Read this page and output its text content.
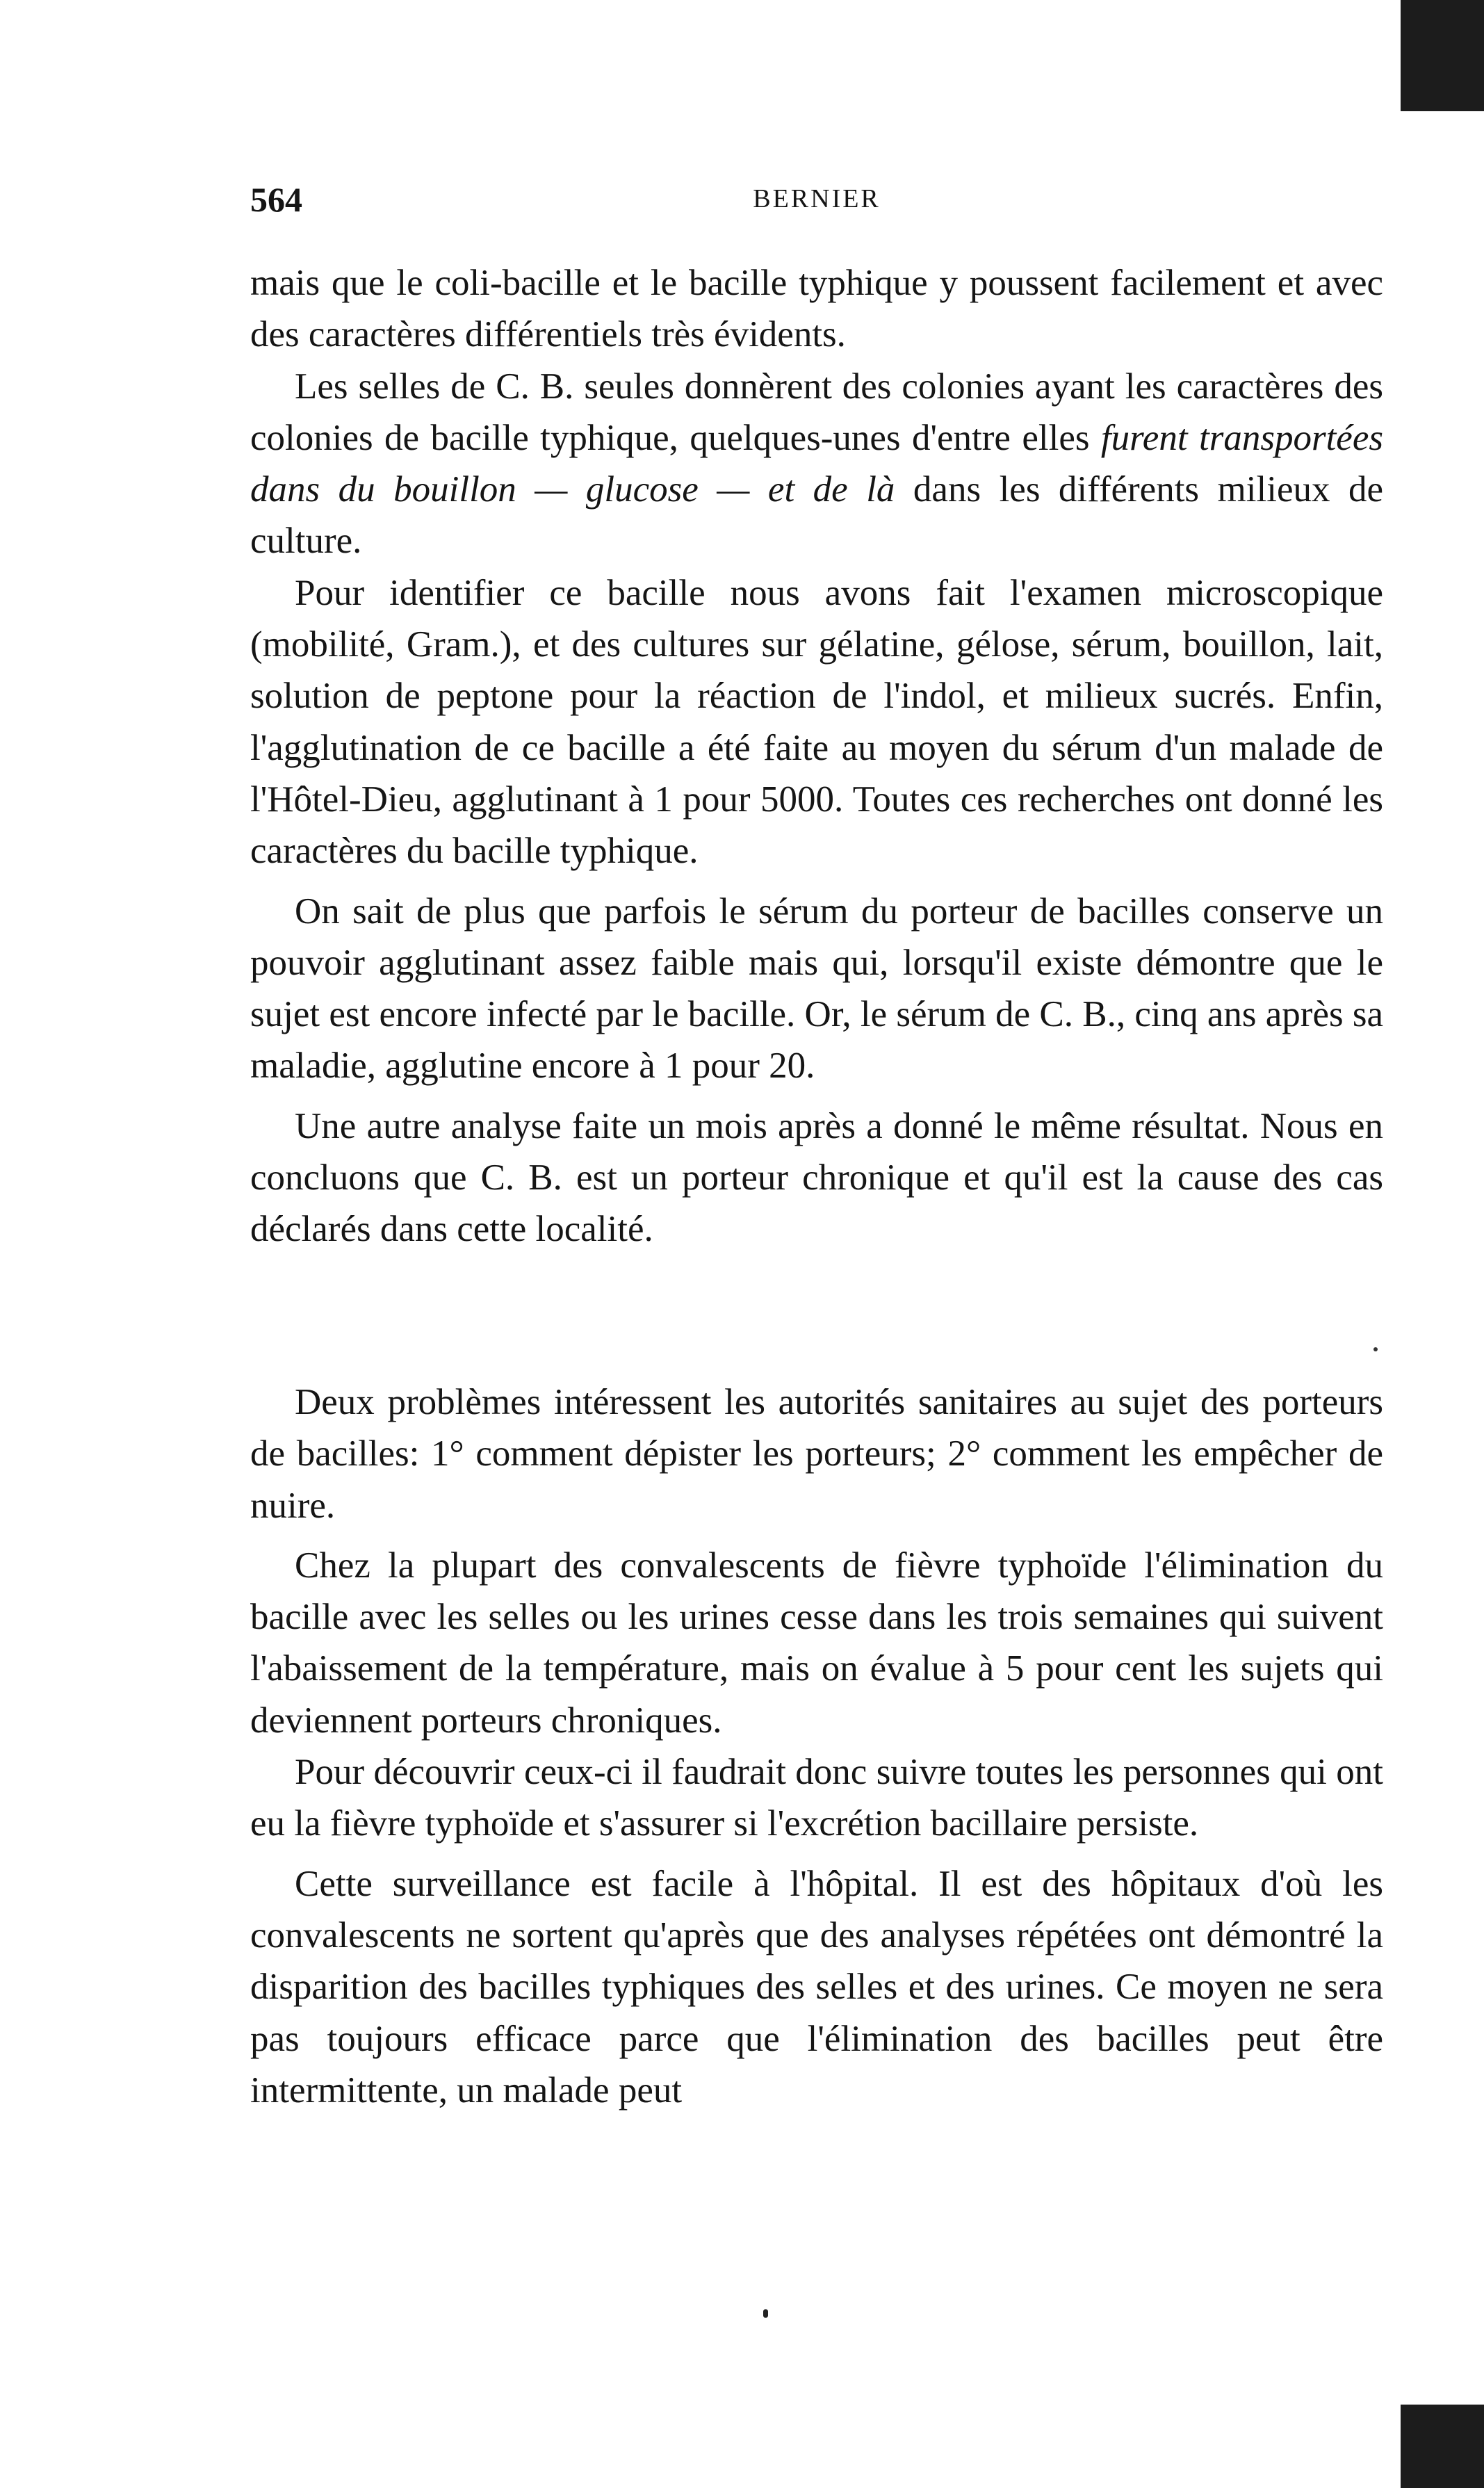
564	BERNIER

mais que le coli-bacille et le bacille typhique y poussent facilement et avec des caractères différentiels très évidents.

Les selles de C. B. seules donnèrent des colonies ayant les caractères des colonies de bacille typhique, quelques-unes d'entre elles furent transportées dans du bouillon — glucose — et de là dans les différents milieux de culture.

Pour identifier ce bacille nous avons fait l'examen microscopique (mobilité, Gram.), et des cultures sur gélatine, gélose, sérum, bouillon, lait, solution de peptone pour la réaction de l'indol, et milieux sucrés. Enfin, l'agglutination de ce bacille a été faite au moyen du sérum d'un malade de l'Hôtel-Dieu, agglutinant à 1 pour 5000. Toutes ces recherches ont donné les caractères du bacille typhique.

On sait de plus que parfois le sérum du porteur de bacilles conserve un pouvoir agglutinant assez faible mais qui, lorsqu'il existe démontre que le sujet est encore infecté par le bacille. Or, le sérum de C. B., cinq ans après sa maladie, agglutine encore à 1 pour 20.

Une autre analyse faite un mois après a donné le même résultat. Nous en concluons que C. B. est un porteur chronique et qu'il est la cause des cas déclarés dans cette localité.

Deux problèmes intéressent les autorités sanitaires au sujet des porteurs de bacilles: 1° comment dépister les porteurs; 2° comment les empêcher de nuire.

Chez la plupart des convalescents de fièvre typhoïde l'élimination du bacille avec les selles ou les urines cesse dans les trois semaines qui suivent l'abaissement de la température, mais on évalue à 5 pour cent les sujets qui deviennent porteurs chroniques.

Pour découvrir ceux-ci il faudrait donc suivre toutes les personnes qui ont eu la fièvre typhoïde et s'assurer si l'excrétion bacillaire persiste.

Cette surveillance est facile à l'hôpital. Il est des hôpitaux d'où les convalescents ne sortent qu'après que des analyses répétées ont démontré la disparition des bacilles typhiques des selles et des urines. Ce moyen ne sera pas toujours efficace parce que l'élimination des bacilles peut être intermittente, un malade peut
